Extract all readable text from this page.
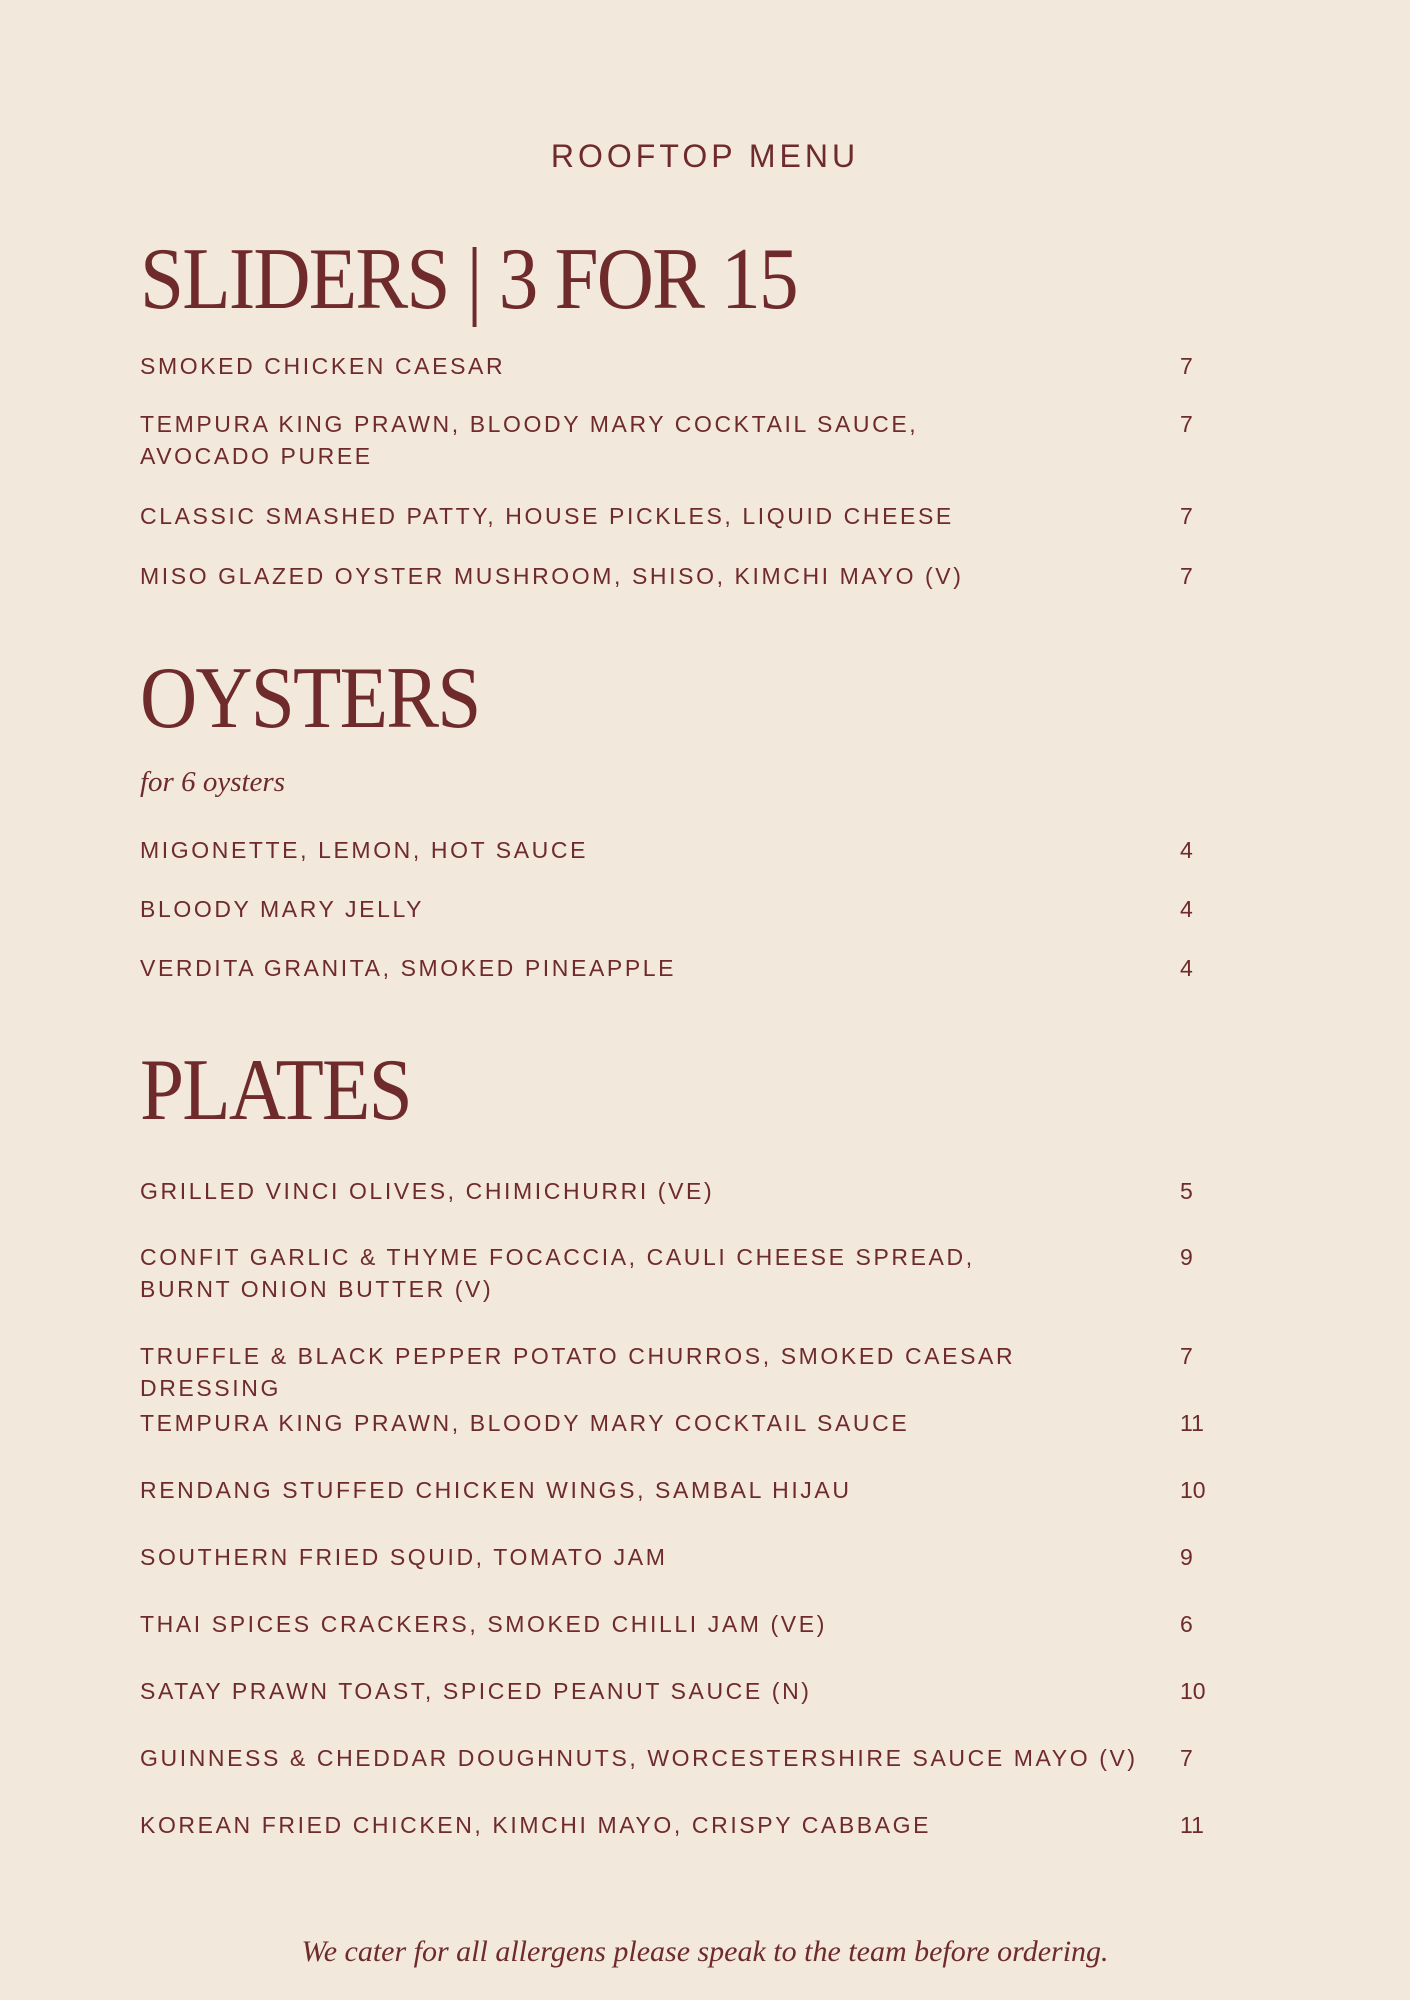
ROOFTOP MENU
SLIDERS | 3 FOR 15
SMOKED CHICKEN CAESAR	7
TEMPURA KING PRAWN, BLOODY MARY COCKTAIL SAUCE,
AVOCADO PUREE
7
CLASSIC SMASHED PATTY, HOUSE PICKLES, LIQUID CHEESE	7
MISO GLAZED OYSTER MUSHROOM, SHISO, KIMCHI MAYO (V)	7
OYSTERS
for 6 oysters
MIGONETTE, LEMON, HOT SAUCE	4
BLOODY MARY JELLY	4
VERDITA GRANITA, SMOKED PINEAPPLE	4
PLATES
GRILLED VINCI OLIVES, CHIMICHURRI (VE)	5
CONFIT GARLIC & THYME FOCACCIA, CAULI CHEESE SPREAD,
BURNT ONION BUTTER (V)
9
TRUFFLE & BLACK PEPPER POTATO CHURROS, SMOKED CAESAR DRESSING
7
TEMPURA KING PRAWN, BLOODY MARY COCKTAIL SAUCE	11
RENDANG STUFFED CHICKEN WINGS, SAMBAL HIJAU	10
SOUTHERN FRIED SQUID, TOMATO JAM	9
THAI SPICES CRACKERS, SMOKED CHILLI JAM (VE)	6
SATAY PRAWN TOAST, SPICED PEANUT SAUCE (N)	10
GUINNESS & CHEDDAR DOUGHNUTS, WORCESTERSHIRE SAUCE MAYO (V) 7
KOREAN FRIED CHICKEN, KIMCHI MAYO, CRISPY CABBAGE	11
We cater for all allergens please speak to the team before ordering.
